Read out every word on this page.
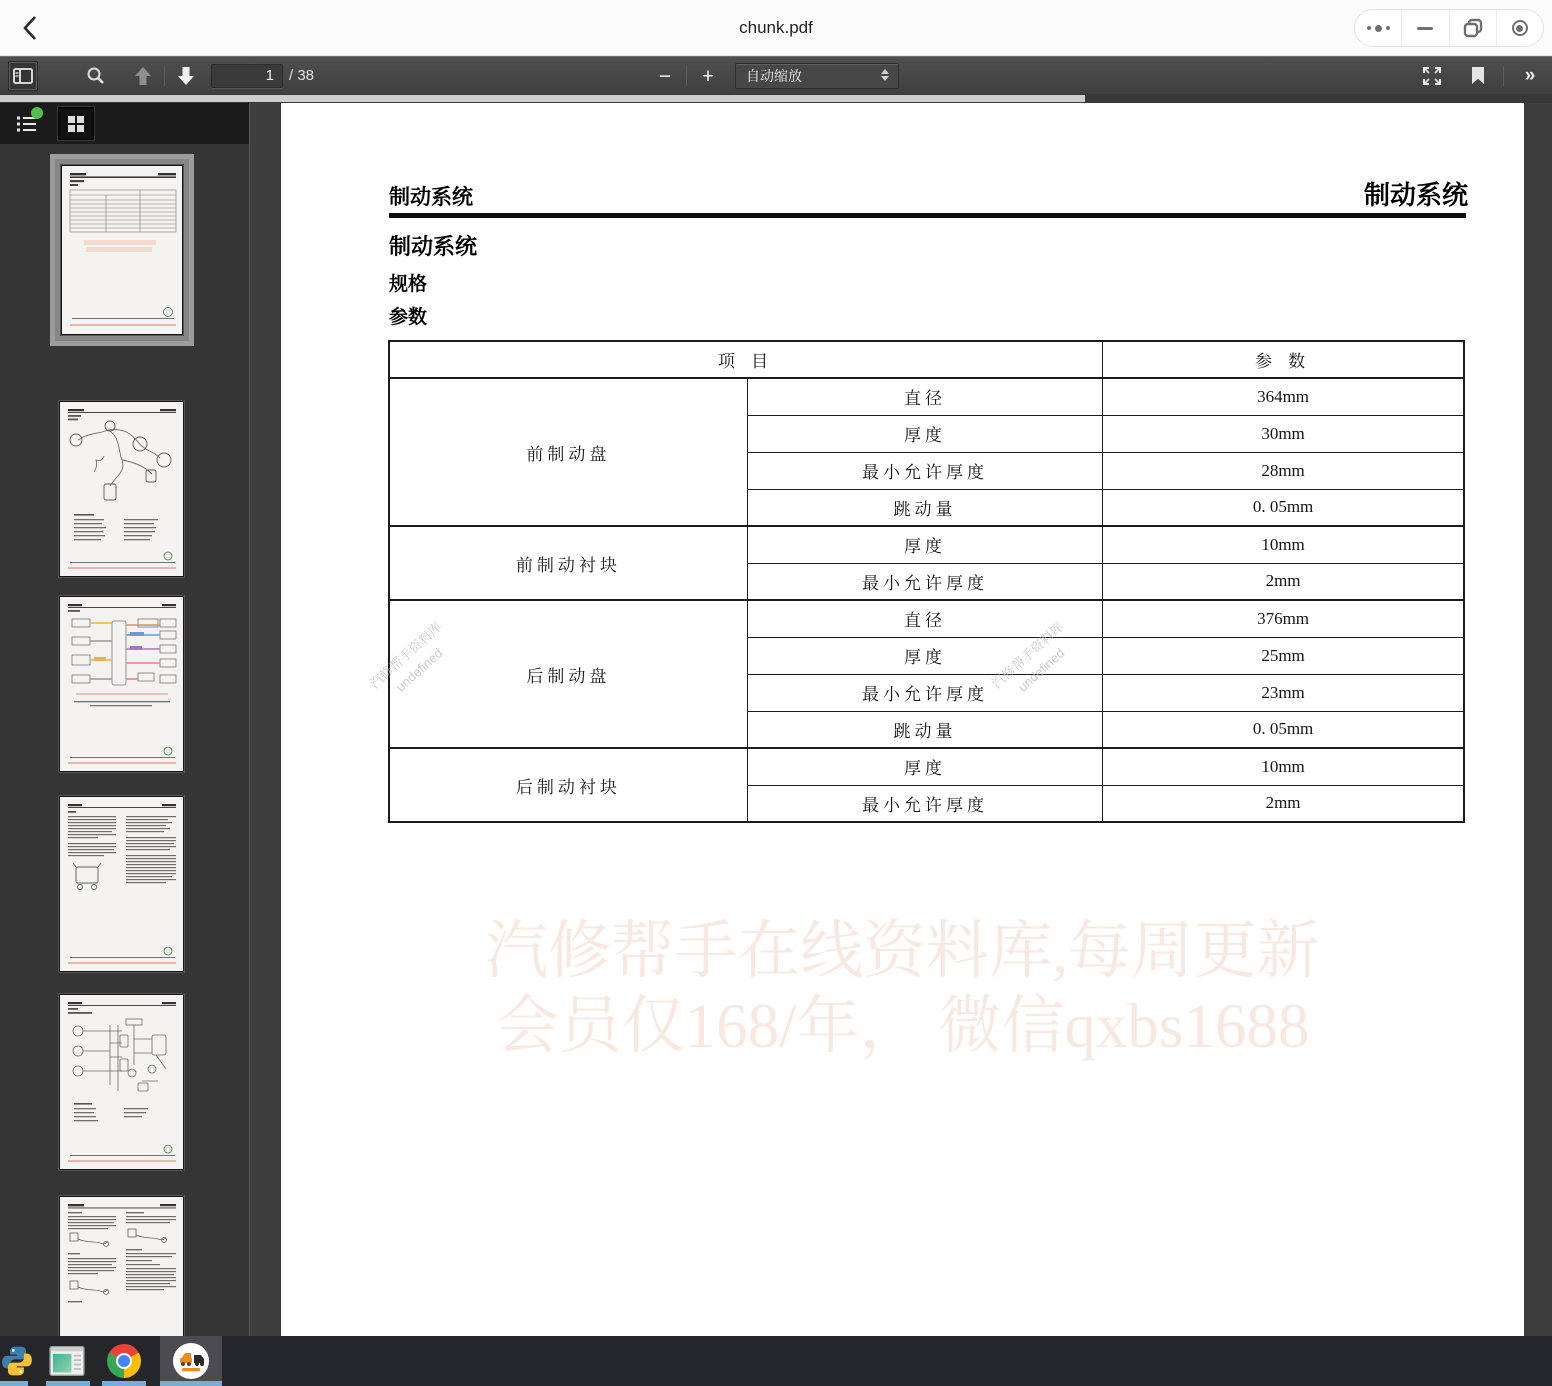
chunk.pdf
1
/ 38	− + 自动缩放	»
制动系统	制动系统
制动系统
规格
参数
项 目		参 数
前制动盘	直径	364mm
	厚度	30mm
	最小允许厚度	28mm
	跳动量	0. 05mm
前制动衬块	厚度	10mm
	最小允许厚度	2mm
后制动盘	直径	376mm
	厚度	25mm
	最小允许厚度	23mm
	跳动量	0. 05mm
后制动衬块	厚度	10mm
	最小允许厚度	2mm
汽修帮手资料库
undefined	汽修帮手资料库
undefined
汽修帮手在线资料库,每周更新
会员仅168/年， 微信qxbs1688
